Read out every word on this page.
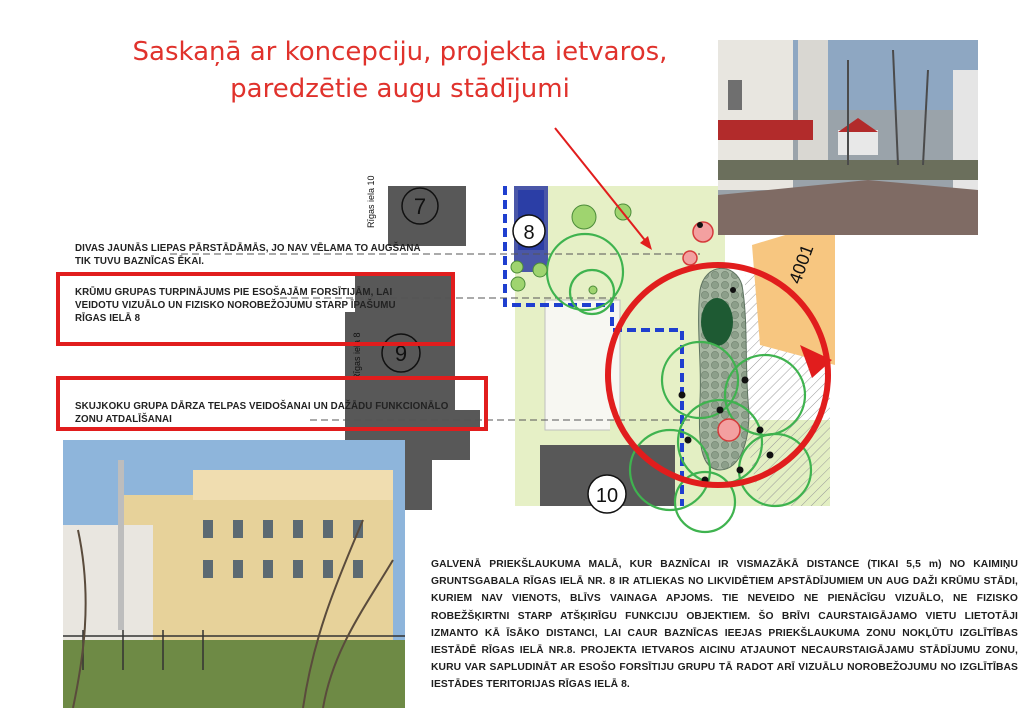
Saskaņā ar koncepciju, projekta ietvaros,
paredzētie augu stādījumi
7
8
9
10
Rīgas iela 10
Rīgas iela 8
4001
DIVAS JAUNĀS LIEPAS PĀRSTĀDĀMĀS, JO NAV VĒLAMA TO AUGŠANA TIK TUVU BAZNĪCAS ĒKAI.
KRŪMU GRUPAS TURPINĀJUMS PIE ESOŠAJĀM FORSĪTIJĀM, LAI VEIDOTU VIZUĀLO UN FIZISKO NOROBEŽOJUMU STARP ĪPAŠUMU RĪGAS IELĀ 8
SKUJKOKU GRUPA DĀRZA TELPAS VEIDOŠANAI UN DAŽĀDU FUNKCIONĀLO ZONU ATDALĪŠANAI
GALVENĀ PRIEKŠLAUKUMA MALĀ, KUR BAZNĪCAI IR VISMAZĀKĀ DISTANCE (TIKAI 5,5 m) NO KAIMIŅU GRUNTSGABALA RĪGAS IELĀ NR. 8 IR ATLIEKAS NO LIKVIDĒTIEM APSTĀDĪJUMIEM UN AUG DAŽI KRŪMU STĀDI, KURIEM NAV VIENOTS, BLĪVS VAINAGA APJOMS. TIE NEVEIDO NE PIENĀCĪGU VIZUĀLO, NE FIZISKO ROBEŽŠĶIRTNI STARP ATŠĶIRĪGU FUNKCIJU OBJEKTIEM. ŠO BRĪVI CAURSTAIGĀJAMO VIETU LIETOTĀJI IZMANTO KĀ ĪSĀKO DISTANCI, LAI CAUR BAZNĪCAS IEEJAS PRIEKŠLAUKUMA ZONU NOKĻŪTU IZGLĪTĪBAS IESTĀDĒ RĪGAS IELĀ NR.8. PROJEKTA IETVAROS AICINU ATJAUNOT NECAURSTAIGĀJAMU STĀDĪJUMU ZONU, KURU VAR SAPLUDINĀT AR ESOŠO FORSĪTIJU GRUPU TĀ RADOT ARĪ VIZUĀLU NOROBEŽOJUMU NO IZGLĪTĪBAS IESTĀDES TERITORIJAS RĪGAS IELĀ 8.
